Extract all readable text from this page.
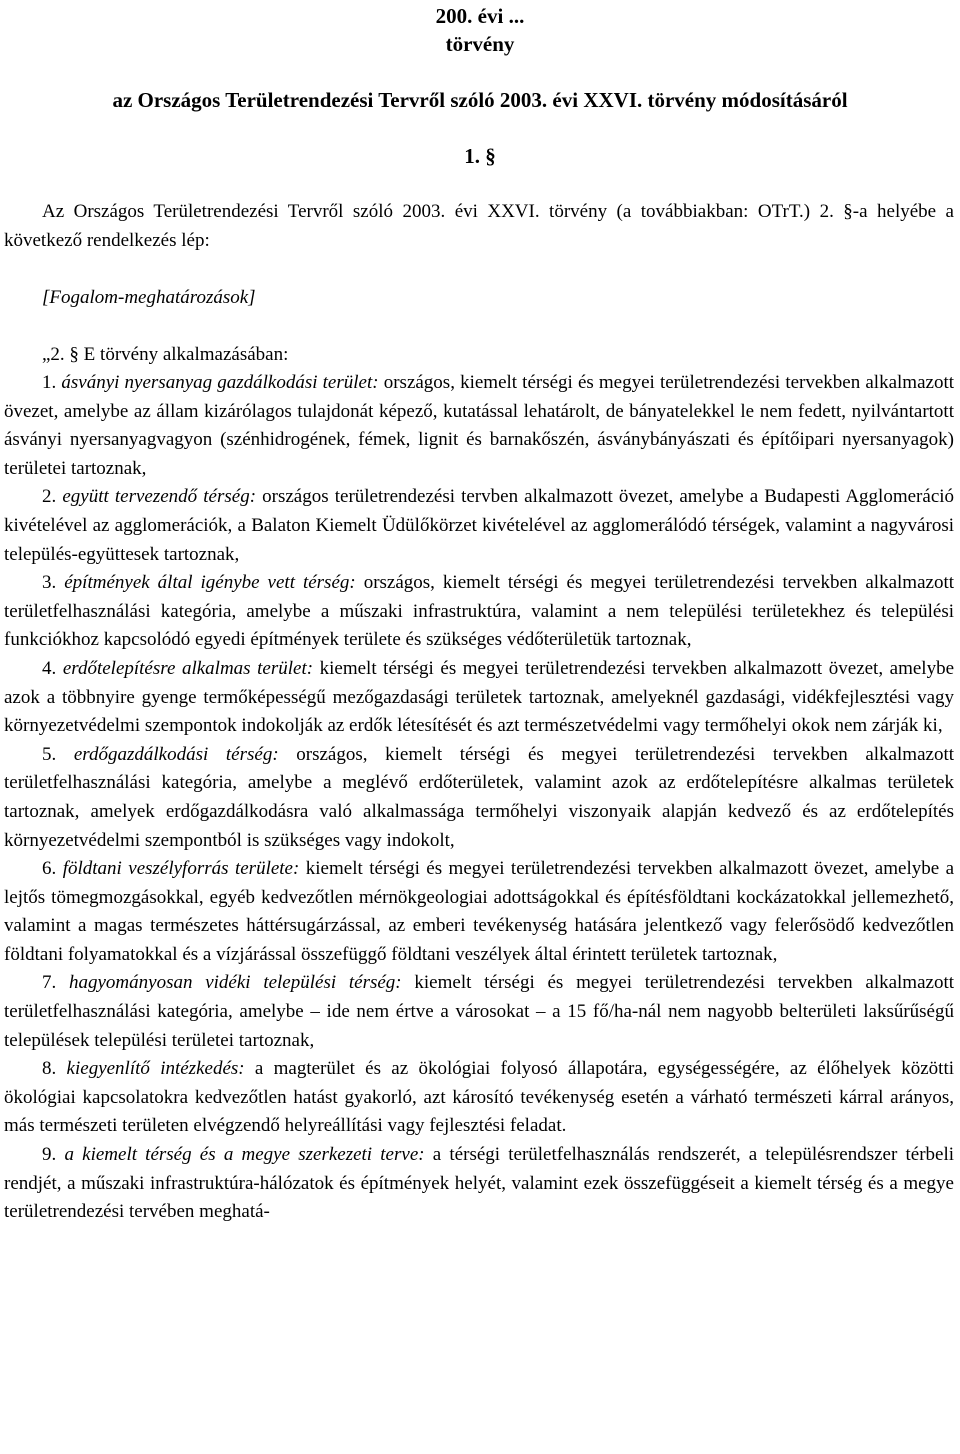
200. évi ...
törvény
az Országos Területrendezési Tervről szóló 2003. évi XXVI. törvény módosításáról
1. §
Az Országos Területrendezési Tervről szóló 2003. évi XXVI. törvény (a továbbiakban: OTrT.) 2. §-a helyébe a következő rendelkezés lép:
[Fogalom-meghatározások]
„2. § E törvény alkalmazásában:

1. ásványi nyersanyag gazdálkodási terület: országos, kiemelt térségi és megyei területrendezési tervekben alkalmazott övezet, amelybe az állam kizárólagos tulajdonát képező, kutatással lehatárolt, de bányatelekkel le nem fedett, nyilvántartott ásványi nyersanyagvagyon (szénhidrogének, fémek, lignit és barnakőszén, ásványbányászati és építőipari nyersanyagok) területei tartoznak,

2. együtt tervezendő térség: országos területrendezési tervben alkalmazott övezet, amelybe a Budapesti Agglomeráció kivételével az agglomerációk, a Balaton Kiemelt Üdülőkörzet kivételével az agglomerálódó térségek, valamint a nagyvárosi település-együttesek tartoznak,

3. építmények által igénybe vett térség: országos, kiemelt térségi és megyei területrendezési tervekben alkalmazott területfelhasználási kategória, amelybe a műszaki infrastruktúra, valamint a nem települési területekhez és települési funkciókhoz kapcsolódó egyedi építmények területe és szükséges védőterületük tartoznak,

4. erdőtelepítésre alkalmas terület: kiemelt térségi és megyei területrendezési tervekben alkalmazott övezet, amelybe azok a többnyire gyenge termőképességű mezőgazdasági területek tartoznak, amelyeknél gazdasági, vidékfejlesztési vagy környezetvédelmi szempontok indokolják az erdők létesítését és azt természetvédelmi vagy termőhelyi okok nem zárják ki,

5. erdőgazdálkodási térség: országos, kiemelt térségi és megyei területrendezési tervekben alkalmazott területfelhasználási kategória, amelybe a meglévő erdőterületek, valamint azok az erdőtelepítésre alkalmas területek tartoznak, amelyek erdőgazdálkodásra való alkalmassága termőhelyi viszonyaik alapján kedvező és az erdőtelepítés környezetvédelmi szempontból is szükséges vagy indokolt,

6. földtani veszélyforrás területe: kiemelt térségi és megyei területrendezési tervekben alkalmazott övezet, amelybe a lejtős tömegmozgásokkal, egyéb kedvezőtlen mérnökgeologiai adottságokkal és építésföldtani kockázatokkal jellemezhető, valamint a magas természetes háttérsugárzással, az emberi tevékenység hatására jelentkező vagy felerősödő kedvezőtlen földtani folyamatokkal és a vízjárással összefüggő földtani veszélyek által érintett területek tartoznak,

7. hagyományosan vidéki települési térség: kiemelt térségi és megyei területrendezési tervekben alkalmazott területfelhasználási kategória, amelybe – ide nem értve a városokat – a 15 fő/ha-nál nem nagyobb belterületi laksűrűségű települések települési területei tartoznak,

8. kiegyenlítő intézkedés: a magterület és az ökológiai folyosó állapotára, egységességére, az élőhelyek közötti ökológiai kapcsolatokra kedvezőtlen hatást gyakorló, azt károsító tevékenység esetén a várható természeti kárral arányos, más természeti területen elvégzendő helyreállítási vagy fejlesztési feladat.

9. a kiemelt térség és a megye szerkezeti terve: a térségi területfelhasználás rendszerét, a településrendszer térbeli rendjét, a műszaki infrastruktúra-hálózatok és építmények helyét, valamint ezek összefüggéseit a kiemelt térség és a megye területrendezési tervében meghatá-
